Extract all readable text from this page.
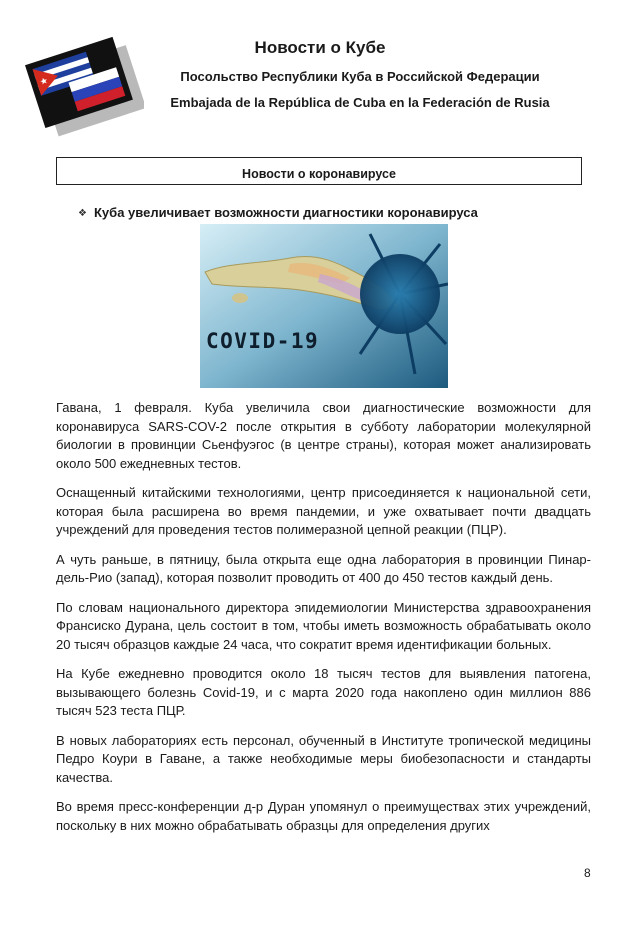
Новости о Кубе
Посольство Республики Куба в Российской Федерации
Embajada de la República de Cuba en la Federación de Rusia
Новости о коронавирусе
❖ Куба увеличивает возможности диагностики коронавируса
COVID-19

Гавана, 1 февраля. Куба увеличила свои диагностические возможности для коронавируса SARS-COV-2 после открытия в субботу лаборатории молекулярной биологии в провинции Сьенфуэгос (в центре страны), которая может анализировать около 500 ежедневных тестов.

Оснащенный китайскими технологиями, центр присоединяется к национальной сети, которая была расширена во время пандемии, и уже охватывает почти двадцать учреждений для проведения тестов полимеразной цепной реакции (ПЦР).

А чуть раньше, в пятницу, была открыта еще одна лаборатория в провинции Пинар-дель-Рио (запад), которая позволит проводить от 400 до 450 тестов каждый день.

По словам национального директора эпидемиологии Министерства здравоохранения Франсиско Дурана, цель состоит в том, чтобы иметь возможность обрабатывать около 20 тысяч образцов каждые 24 часа, что сократит время идентификации больных.

На Кубе ежедневно проводится около 18 тысяч тестов для выявления патогена, вызывающего болезнь Covid-19, и с марта 2020 года накоплено один миллион 886 тысяч 523 теста ПЦР.

В новых лабораториях есть персонал, обученный в Институте тропической медицины Педро Коури в Гаване, а также необходимые меры биобезопасности и стандарты качества.

Во время пресс-конференции д-р Дуран упомянул о преимуществах этих учреждений, поскольку в них можно обрабатывать образцы для определения других

8
